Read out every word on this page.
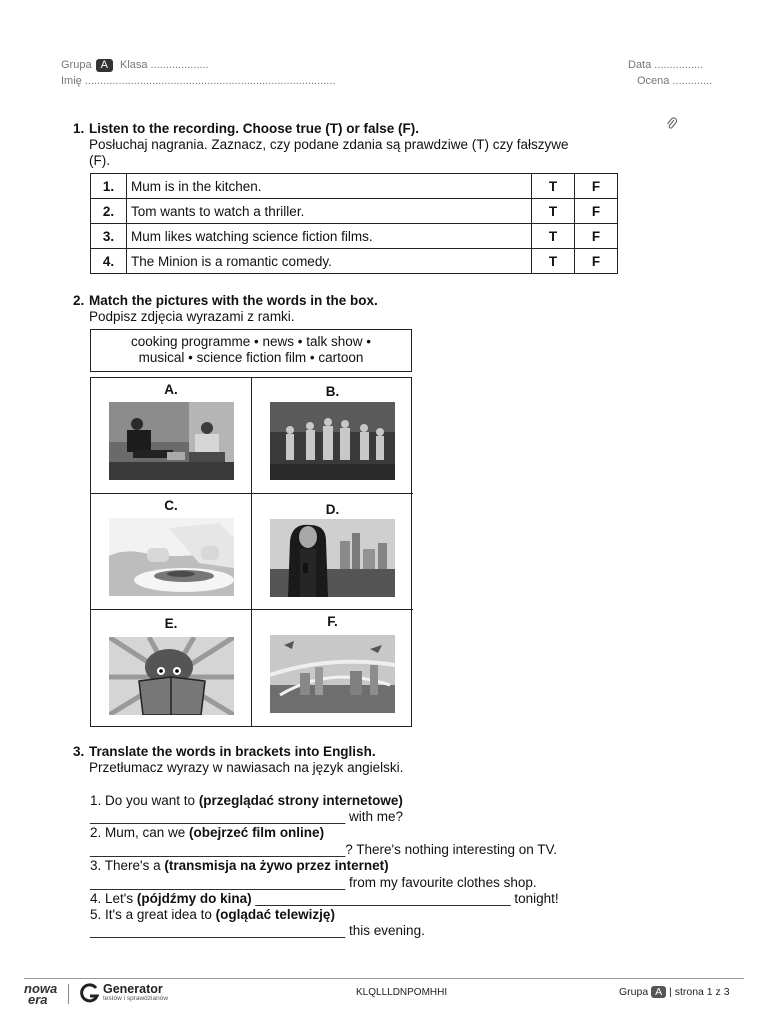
Grupa A Klasa ...................
Imię ..................................................................................
Data ................
Ocena .............
1. Listen to the recording. Choose true (T) or false (F).
Posłuchaj nagrania. Zaznacz, czy podane zdania są prawdziwe (T) czy fałszywe
(F).
1.	Mum is in the kitchen.	T	F
2.	Tom wants to watch a thriller.	T	F
3.	Mum likes watching science fiction films.	T	F
4.	The Minion is a romantic comedy.	T	F
2. Match the pictures with the words in the box.
Podpisz zdjęcia wyrazami z ramki.
cooking programme • news • talk show •
musical • science fiction film • cartoon
A.	B.
C.	D.
E.	F.
3. Translate the words in brackets into English.
Przetłumacz wyrazy w nawiasach na język angielski.
1. Do you want to (przeglądać strony internetowe)
__________________________________ with me?
2. Mum, can we (obejrzeć film online)
__________________________________? There's nothing interesting on TV.
3. There's a (transmisja na żywo przez internet)
__________________________________ from my favourite clothes shop.
4. Let's (pójdźmy do kina) __________________________________ tonight!
5. It's a great idea to (oglądać telewizję)
__________________________________ this evening.
nowa
era
Generator
testów i sprawdzianów
KLQLLLDNPOMHHI	Grupa A | strona 1 z 3
